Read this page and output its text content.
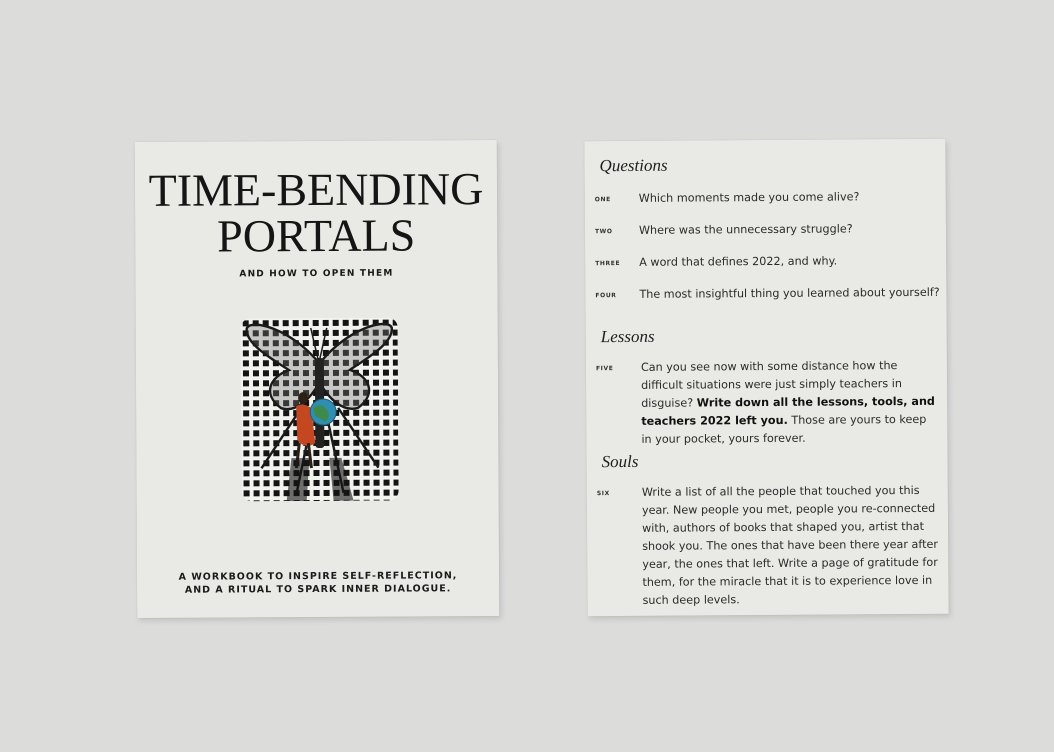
TIME-BENDING
PORTALS
AND HOW TO OPEN THEM
A WORKBOOK TO INSPIRE SELF-REFLECTION,
AND A RITUAL TO SPARK INNER DIALOGUE.
Questions
ONE	Which moments made you come alive?
TWO	Where was the unnecessary struggle?
THREE A word that defines 2022, and why.
FOUR	The most insightful thing you learned about yourself?
Lessons
FIVE	Can you see now with some distance how the difficult situations were just simply teachers in disguise? Write down all the lessons, tools, and teachers 2022 left you. Those are yours to keep in your pocket, yours forever.
Souls
SIX	Write a list of all the people that touched you this year. New people you met, people you re-connected with, authors of books that shaped you, artist that shook you. The ones that have been there year after year, the ones that left. Write a page of gratitude for them, for the miracle that it is to experience love in such deep levels.
